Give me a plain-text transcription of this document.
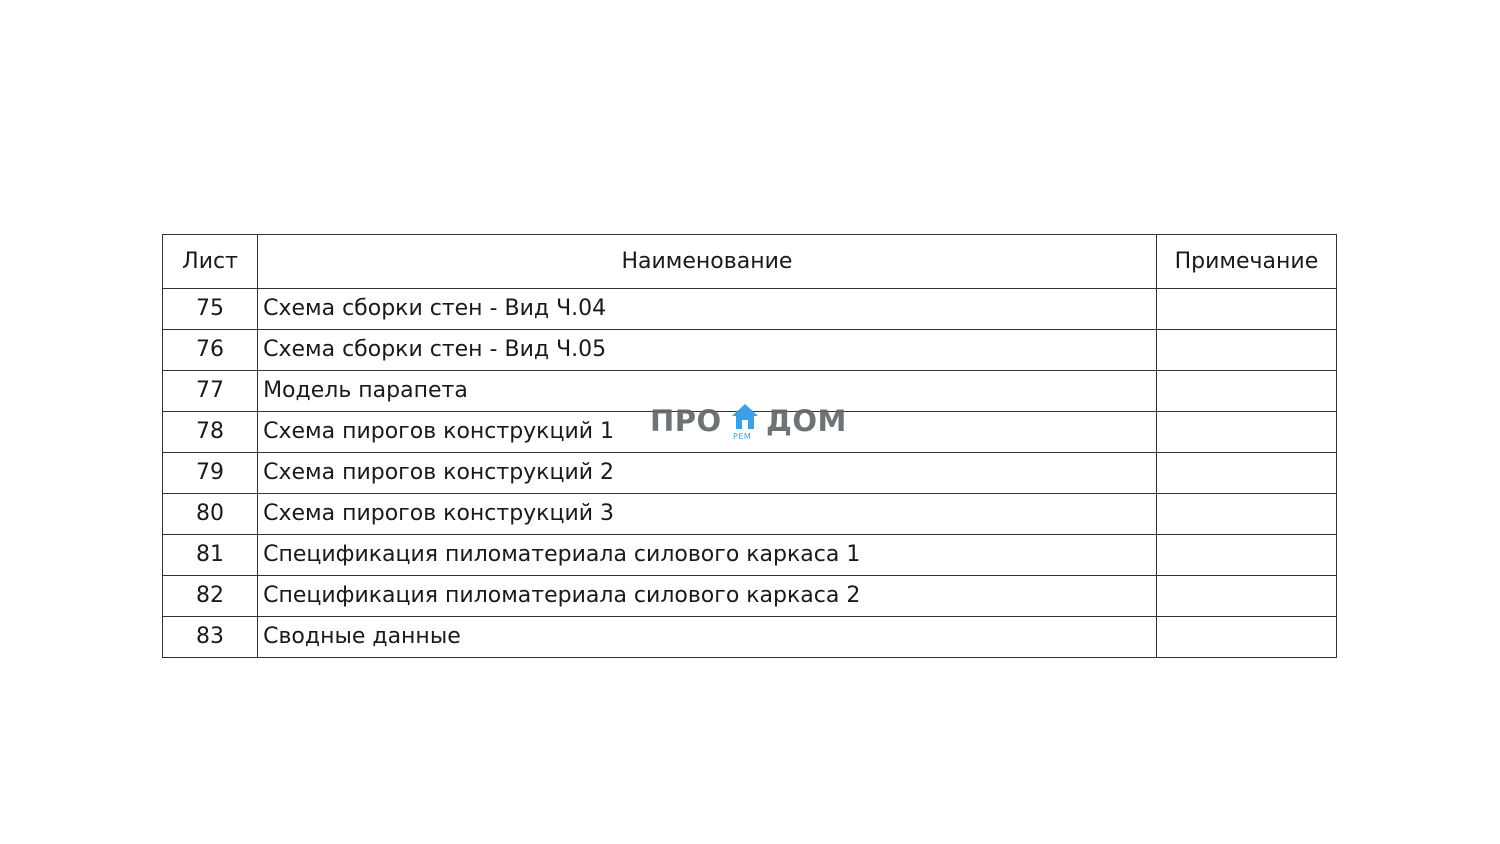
Лист	Наименование	Примечание
75	Схема сборки стен - Вид Ч.04	
76	Схема сборки стен - Вид Ч.05	
77	Модель парапета	
78	Схема пирогов конструкций 1	
79	Схема пирогов конструкций 2	
80	Схема пирогов конструкций 3	
81	Спецификация пиломатериала силового каркаса 1	
82	Спецификация пиломатериала силового каркаса 2	
83	Сводные данные	
ПРО РЕМ ДОМ
